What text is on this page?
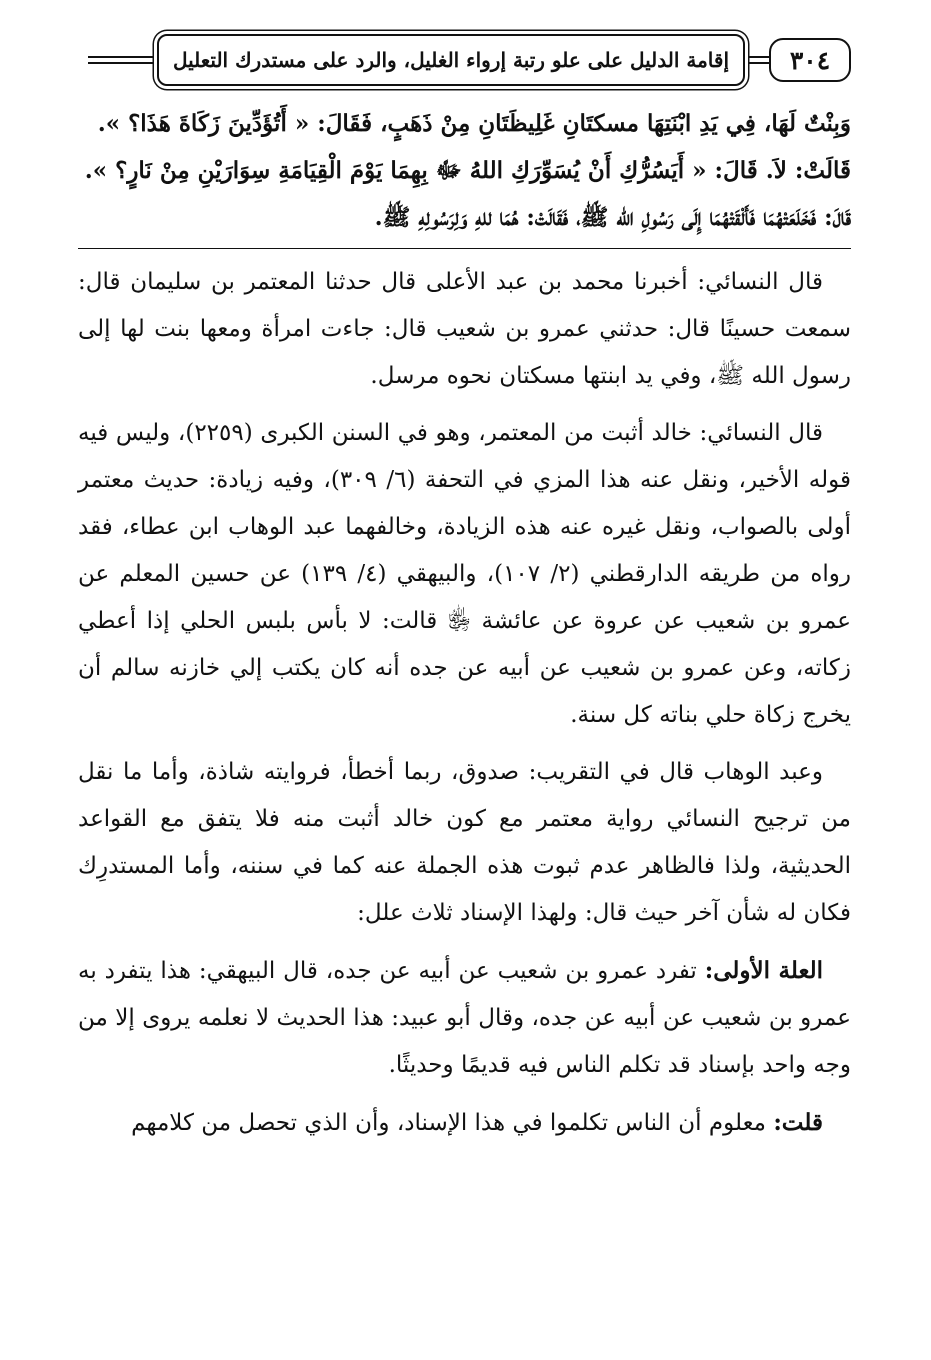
إقامة الدليل على علو رتبة إرواء الغليل، والرد على مستدرك التعليل	٣٠٤

وَبِنْتٌ لَهَا، فِي يَدِ ابْنَتِهَا مسكتَانِ غَلِيظَتَانِ مِنْ ذَهَبٍ، فَقَالَ: « أَتُؤَدِّينَ زَكَاةَ هَذَا؟ ».

قَالَتْ: لاَ. قَالَ: « أَيَسُرُّكِ أَنْ يُسَوِّرَكِ اللهُ ﷻ بِهِمَا يَوْمَ الْقِيَامَةِ سِوَارَيْنِ مِنْ نَارٍ؟ ».

قَالَ: فَخَلَعَتْهُمَا فَأَلْقَتْهُمَا إِلَى رَسُولِ الله ﷺ، فَقَالَتْ: هُمَا للهِ وَلِرَسُولِهِ ﷺ.

قال النسائي: أخبرنا محمد بن عبد الأعلى قال حدثنا المعتمر بن سليمان قال: سمعت حسينًا قال: حدثني عمرو بن شعيب قال: جاءت امرأة ومعها بنت لها إلى رسول الله ﷺ، وفي يد ابنتها مسكتان نحوه مرسل.

قال النسائي: خالد أثبت من المعتمر، وهو في السنن الكبرى (٢٢٥٩)، وليس فيه قوله الأخير، ونقل عنه هذا المزي في التحفة (٦/ ٣٠٩)، وفيه زيادة: حديث معتمر أولى بالصواب، ونقل غيره عنه هذه الزيادة، وخالفهما عبد الوهاب ابن عطاء، فقد رواه من طريقه الدارقطني (٢/ ١٠٧)، والبيهقي (٤/ ١٣٩) عن حسين المعلم عن عمرو بن شعيب عن عروة عن عائشة ﵂ قالت: لا بأس بلبس الحلي إذا أعطي زكاته، وعن عمرو بن شعيب عن أبيه عن جده أنه كان يكتب إلي خازنه سالم أن يخرج زكاة حلي بناته كل سنة.

وعبد الوهاب قال في التقريب: صدوق، ربما أخطأ، فروايته شاذة، وأما ما نقل من ترجيح النسائي رواية معتمر مع كون خالد أثبت منه فلا يتفق مع القواعد الحديثية، ولذا فالظاهر عدم ثبوت هذه الجملة عنه كما في سننه، وأما المستدرِك فكان له شأن آخر حيث قال: ولهذا الإسناد ثلاث علل:

العلة الأولى: تفرد عمرو بن شعيب عن أبيه عن جده، قال البيهقي: هذا يتفرد به عمرو بن شعيب عن أبيه عن جده، وقال أبو عبيد: هذا الحديث لا نعلمه يروى إلا من وجه واحد بإسناد قد تكلم الناس فيه قديمًا وحديثًا.

قلت: معلوم أن الناس تكلموا في هذا الإسناد، وأن الذي تحصل من كلامهم
